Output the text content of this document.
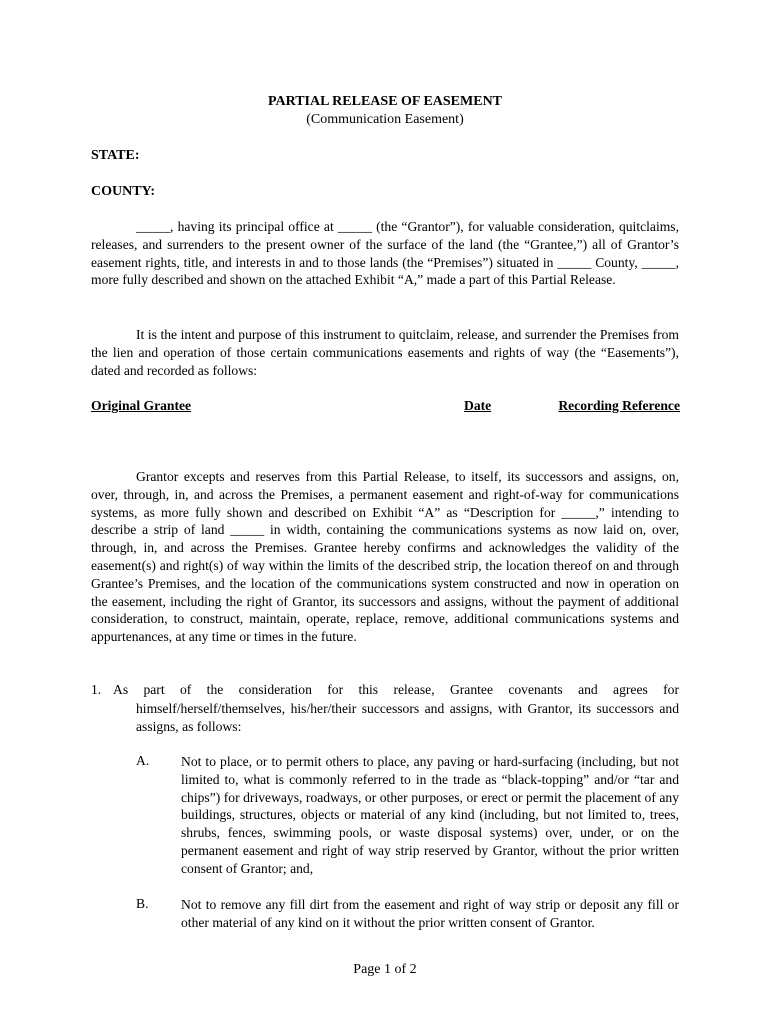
PARTIAL RELEASE OF EASEMENT
(Communication Easement)
STATE:
COUNTY:
_____, having its principal office at _____ (the “Grantor”), for valuable consideration, quitclaims, releases, and surrenders to the present owner of the surface of the land (the “Grantee,”) all of Grantor’s easement rights, title, and interests in and to those lands (the “Premises”) situated in _____ County, _____, more fully described and shown on the attached Exhibit “A,” made a part of this Partial Release.
It is the intent and purpose of this instrument to quitclaim, release, and surrender the Premises from the lien and operation of those certain communications easements and rights of way (the “Easements”), dated and recorded as follows:
Original Grantee	Date	Recording Reference
Grantor excepts and reserves from this Partial Release, to itself, its successors and assigns, on, over, through, in, and across the Premises, a permanent easement and right-of-way for communications systems, as more fully shown and described on Exhibit “A” as “Description for _____,” intending to describe a strip of land _____ in width, containing the communications systems as now laid on, over, through, in, and across the Premises. Grantee hereby confirms and acknowledges the validity of the easement(s) and right(s) of way within the limits of the described strip, the location thereof on and through Grantee’s Premises, and the location of the communications system constructed and now in operation on the easement, including the right of Grantor, its successors and assigns, without the payment of additional consideration, to construct, maintain, operate, replace, remove, additional communications systems and appurtenances, at any time or times in the future.
1. As part of the consideration for this release, Grantee covenants and agrees for
himself/herself/themselves, his/her/their successors and assigns, with Grantor, its successors and assigns, as follows:
A. Not to place, or to permit others to place, any paving or hard-surfacing (including, but not limited to, what is commonly referred to in the trade as “black-topping” and/or “tar and chips”) for driveways, roadways, or other purposes, or erect or permit the placement of any buildings, structures, objects or material of any kind (including, but not limited to, trees, shrubs, fences, swimming pools, or waste disposal systems) over, under, or on the permanent easement and right of way strip reserved by Grantor, without the prior written consent of Grantor; and,
B. Not to remove any fill dirt from the easement and right of way strip or deposit any fill or other material of any kind on it without the prior written consent of Grantor.
Page 1 of 2
